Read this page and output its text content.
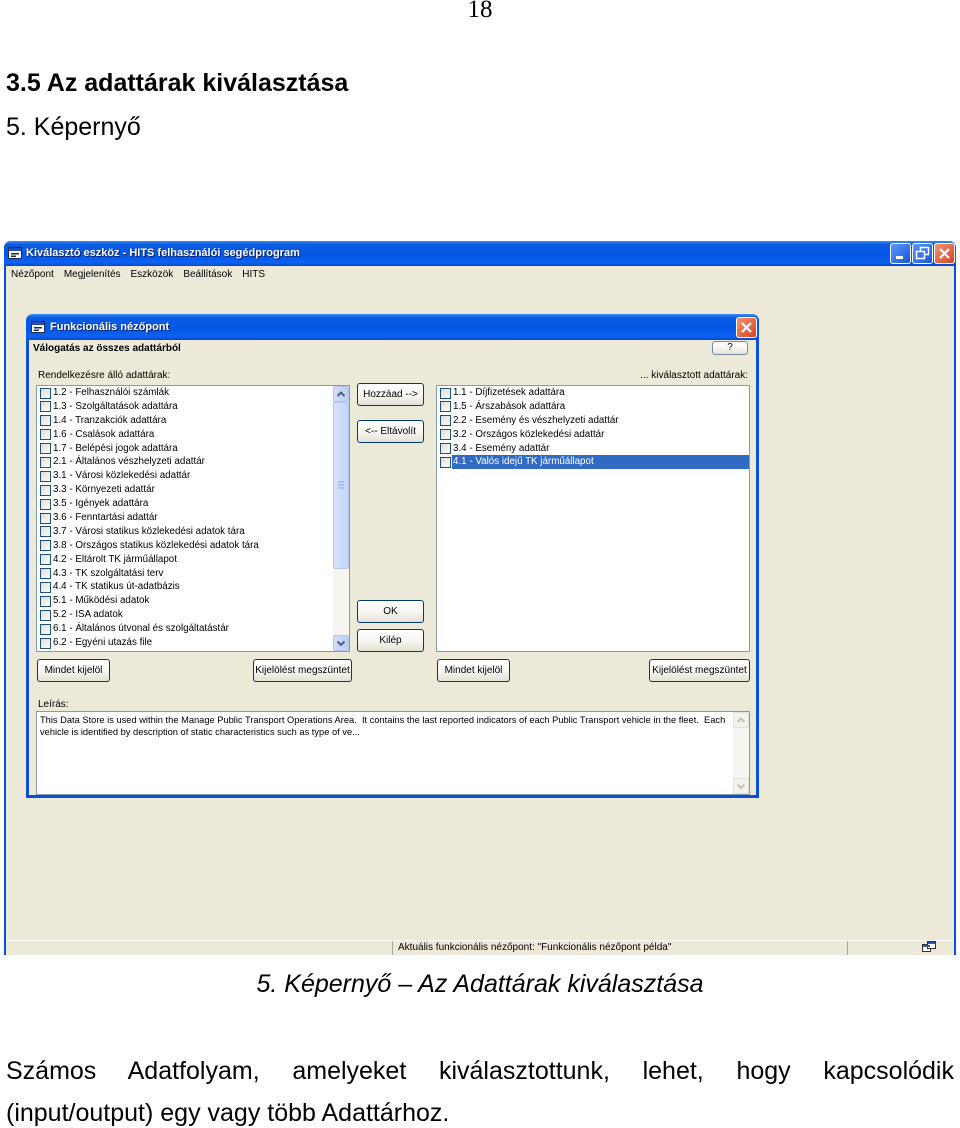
18
3.5 Az adattárak kiválasztása
5. Képernyő
Kiválasztó eszköz - HITS felhasználói segédprogram
Nézőpont	Megjelenítés	Eszközök	Beállítások	HITS
Aktuális funkcionális nézőpont: "Funkcionális nézőpont példa"
Funkcionális nézőpont
Válogatás az összes adattárból	?
Rendelkezésre álló adattárak:	... kiválasztott adattárak:
1.2 - Felhasználói számlák
1.3 - Szolgáltatások adattára
1.4 - Tranzakciók adattára
1.6 - Csalások adattára
1.7 - Belépési jogok adattára
2.1 - Általános vészhelyzeti adattár
3.1 - Városi közlekedési adattár
3.3 - Környezeti adattár
3.5 - Igények adattára
3.6 - Fenntartási adattár
3.7 - Városi statikus közlekedési adatok tára
3.8 - Országos statikus közlekedési adatok tára
4.2 - Eltárolt TK járműállapot
4.3 - TK szolgáltatási terv
4.4 - TK statikus út-adatbázis
5.1 - Működési adatok
5.2 - ISA adatok
6.1 - Általános útvonal és szolgáltatástár
6.2 - Egyéni utazás file
1.1 - Díjfizetések adattára
1.5 - Árszabások adattára
2.2 - Esemény és vészhelyzeti adattár
3.2 - Országos közlekedési adattár
3.4 - Esemény adattár
4.1 - Valós idejű TK járműállapot
Hozzáad -->
<-- Eltávolít
OK
Kilép
Mindet kijelöl	Kijelölést megszüntet	Mindet kijelöl	Kijelölést megszüntet
Leírás:
This Data Store is used within the Manage Public Transport Operations Area.  It contains the last reported indicators of each Public Transport vehicle in the fleet.  Each vehicle is identified by description of static characteristics such as type of ve...
5. Képernyő – Az Adattárak kiválasztása
Számos Adatfolyam, amelyeket kiválasztottunk, lehet, hogy kapcsolódik
(input/output) egy vagy több Adattárhoz.
